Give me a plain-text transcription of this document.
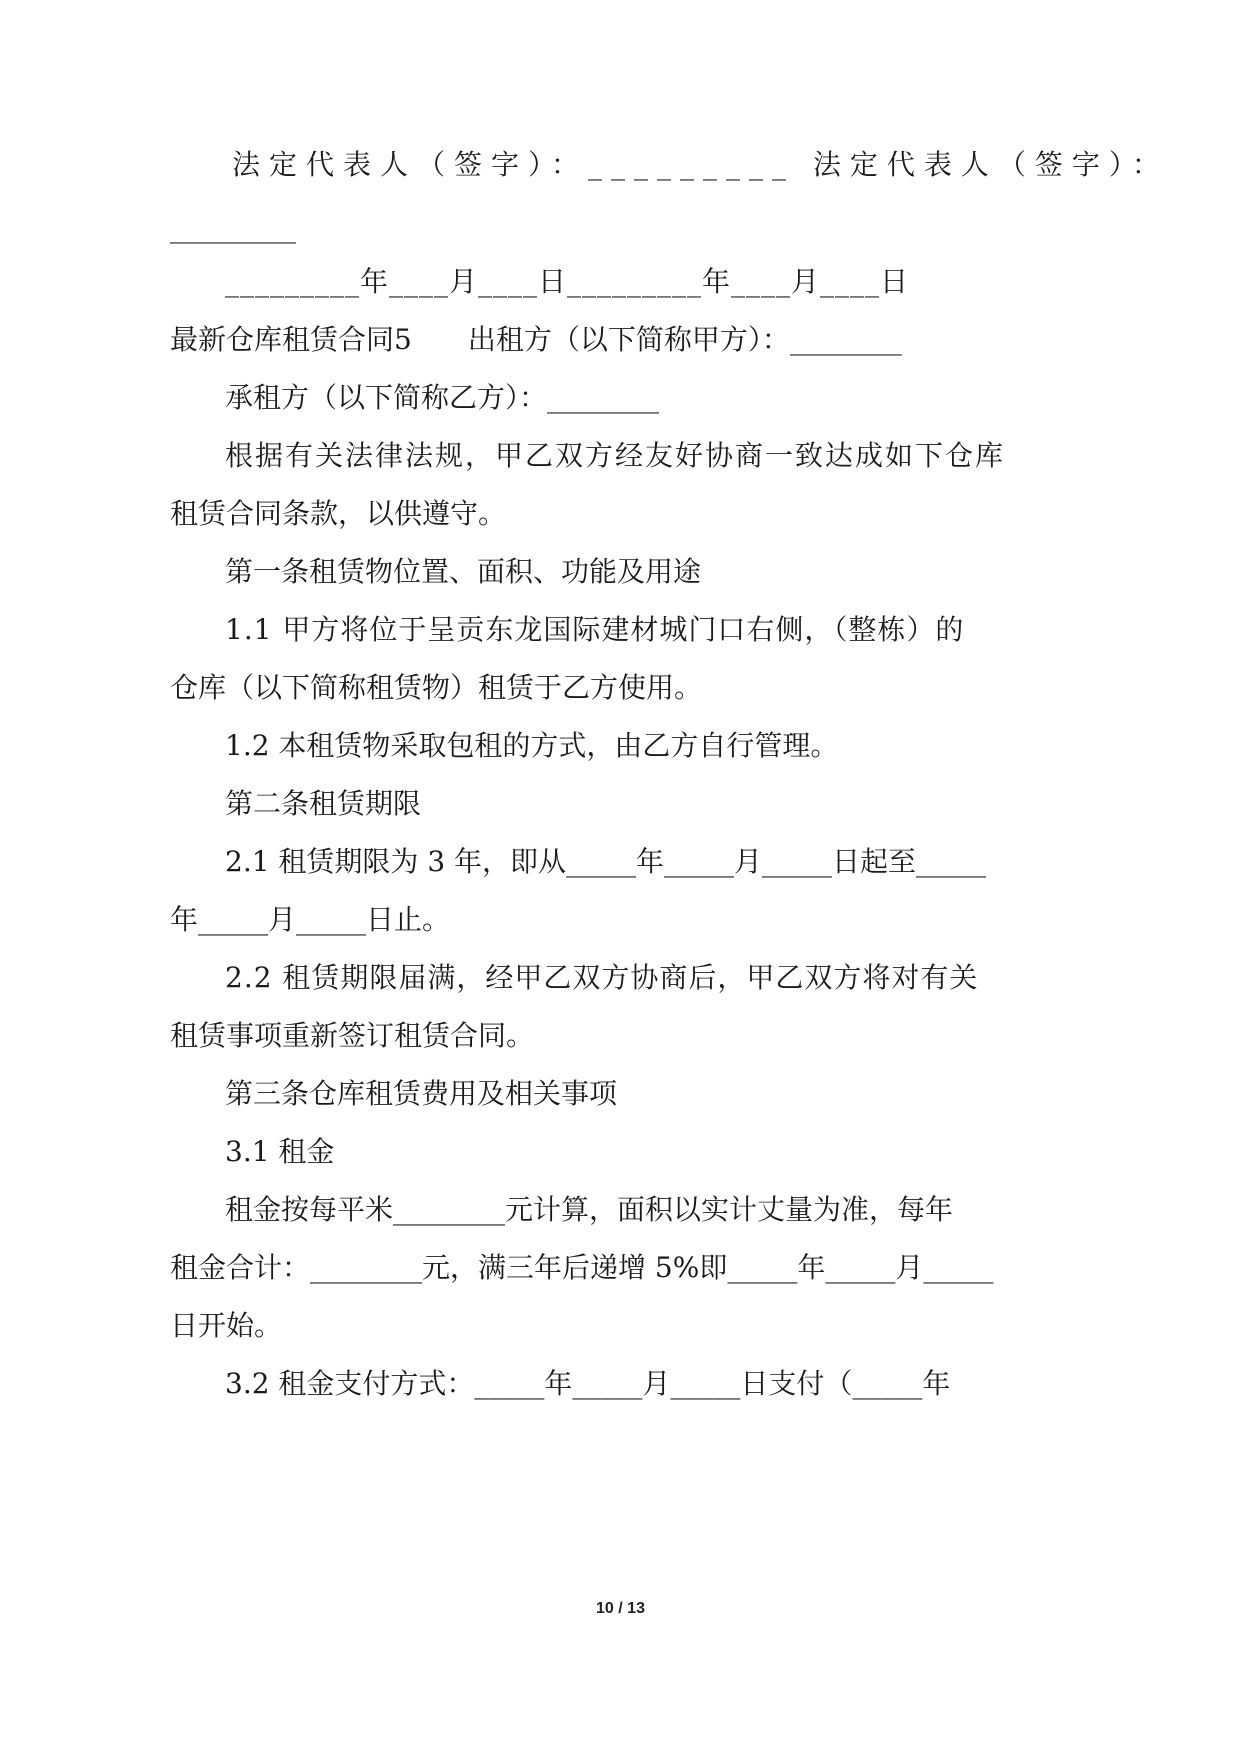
法定代表人（签字）：_________ 法定代表人（签字）：
_________
_________年____月____日_________年____月____日
最新仓库租赁合同5　　出租方（以下简称甲方）：________
承租方（以下简称乙方）：________
根据有关法律法规，甲乙双方经友好协商一致达成如下仓库
租赁合同条款，以供遵守。
第一条租赁物位置、面积、功能及用途
1.1 甲方将位于呈贡东龙国际建材城门口右侧，（整栋）的
仓库（以下简称租赁物）租赁于乙方使用。
1.2 本租赁物采取包租的方式，由乙方自行管理。
第二条租赁期限
2.1 租赁期限为 3 年，即从_____年_____月_____日起至_____
年_____月_____日止。
2.2 租赁期限届满，经甲乙双方协商后，甲乙双方将对有关
租赁事项重新签订租赁合同。
第三条仓库租赁费用及相关事项
3.1 租金
租金按每平米________元计算，面积以实计丈量为准，每年
租金合计：________元，满三年后递增 5%即_____年_____月_____
日开始。
3.2 租金支付方式：_____年_____月_____日支付（_____年
10 / 13
